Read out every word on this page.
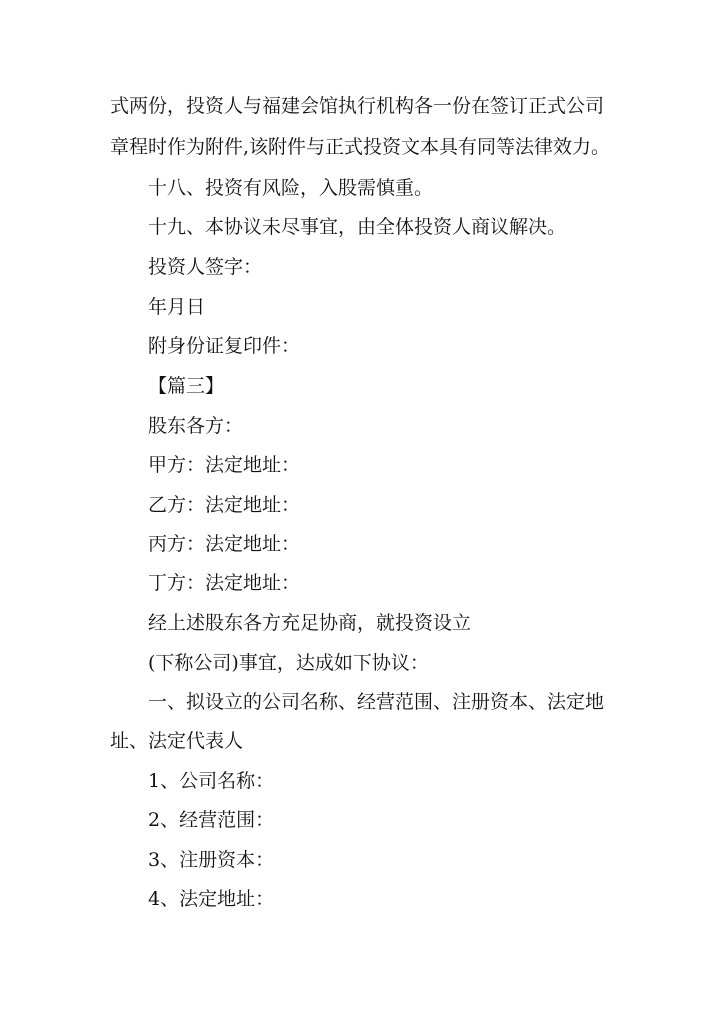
式两份，投资人与福建会馆执行机构各一份在签订正式公司
章程时作为附件,该附件与正式投资文本具有同等法律效力。
十八、投资有风险，入股需慎重。
十九、本协议未尽事宜，由全体投资人商议解决。
投资人签字：
年月日
附身份证复印件：
【篇三】
股东各方：
甲方：法定地址：
乙方：法定地址：
丙方：法定地址：
丁方：法定地址：
经上述股东各方充足协商，就投资设立
(下称公司)事宜，达成如下协议：
一、拟设立的公司名称、经营范围、注册资本、法定地
址、法定代表人
1、公司名称：
2、经营范围：
3、注册资本：
4、法定地址：
